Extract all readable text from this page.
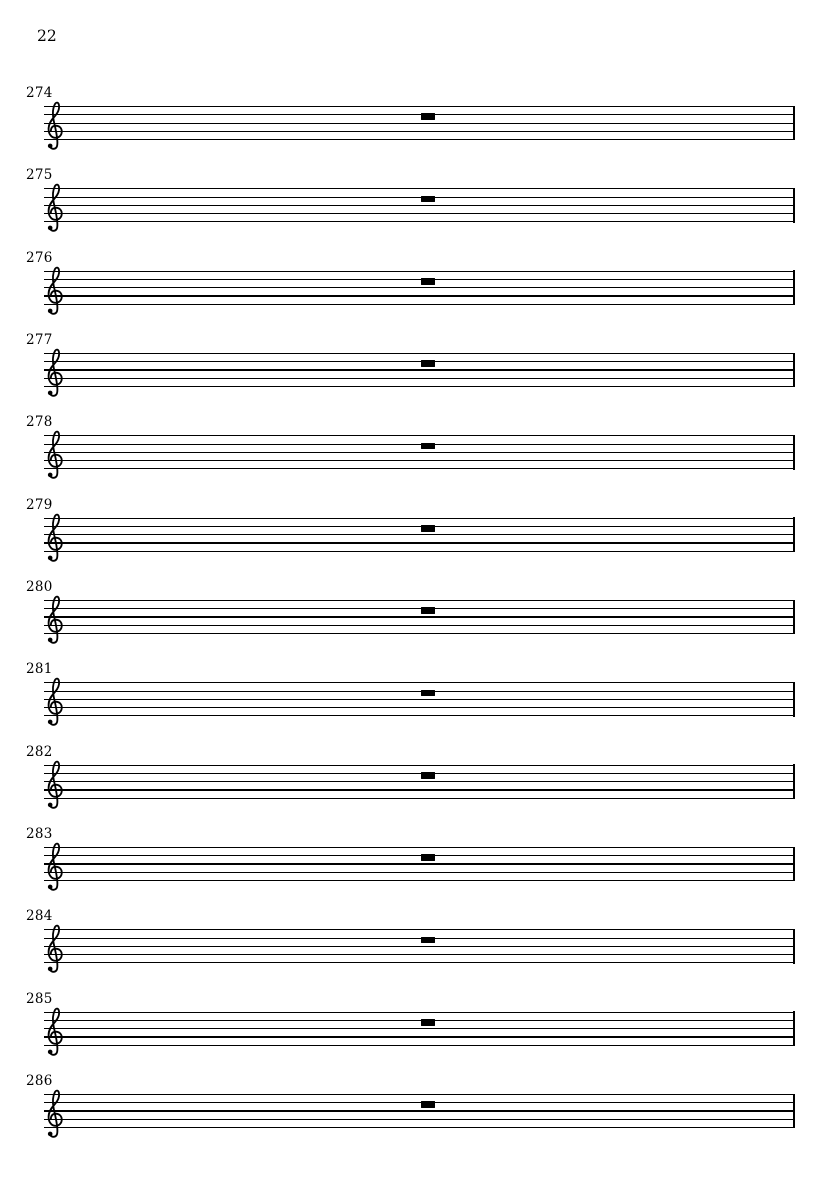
22
274
275
276
277
278
279
280
281
282
283
284
285
286
